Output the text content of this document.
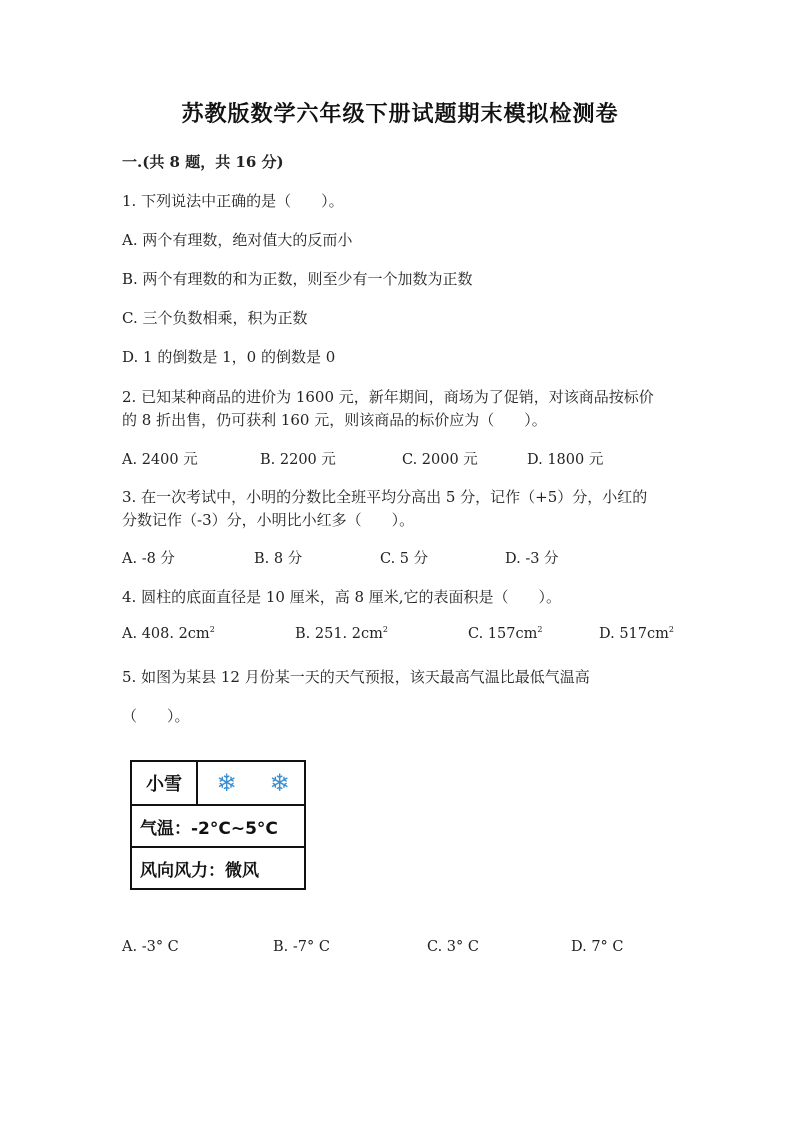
苏教版数学六年级下册试题期末模拟检测卷
一.(共 8 题，共 16 分)
1. 下列说法中正确的是（　　）。
A. 两个有理数，绝对值大的反而小
B. 两个有理数的和为正数，则至少有一个加数为正数
C. 三个负数相乘，积为正数
D. 1 的倒数是 1，0 的倒数是 0
2. 已知某种商品的进价为 1600 元，新年期间，商场为了促销，对该商品按标价
的 8 折出售，仍可获利 160 元，则该商品的标价应为（　　）。
A. 2400 元	B. 2200 元	C. 2000 元	D. 1800 元
3. 在一次考试中，小明的分数比全班平均分高出 5 分，记作（+5）分，小红的
分数记作（-3）分，小明比小红多（　　）。
A. -8 分	B. 8 分	C. 5 分	D. -3 分
4. 圆柱的底面直径是 10 厘米，高 8 厘米,它的表面积是（　　）。
A. 408. $2cm^2$	B. 251. $2cm^2$	C. $157cm^2$	D. $517cm^2$
5. 如图为某县 12 月份某一天的天气预报，该天最高气温比最低气温高
（　　）。
小雪	❄ ❄
气温：-2°C~5°C
风向风力：微风
A. -3° C	B. -7° C	C. 3° C	D. 7° C
